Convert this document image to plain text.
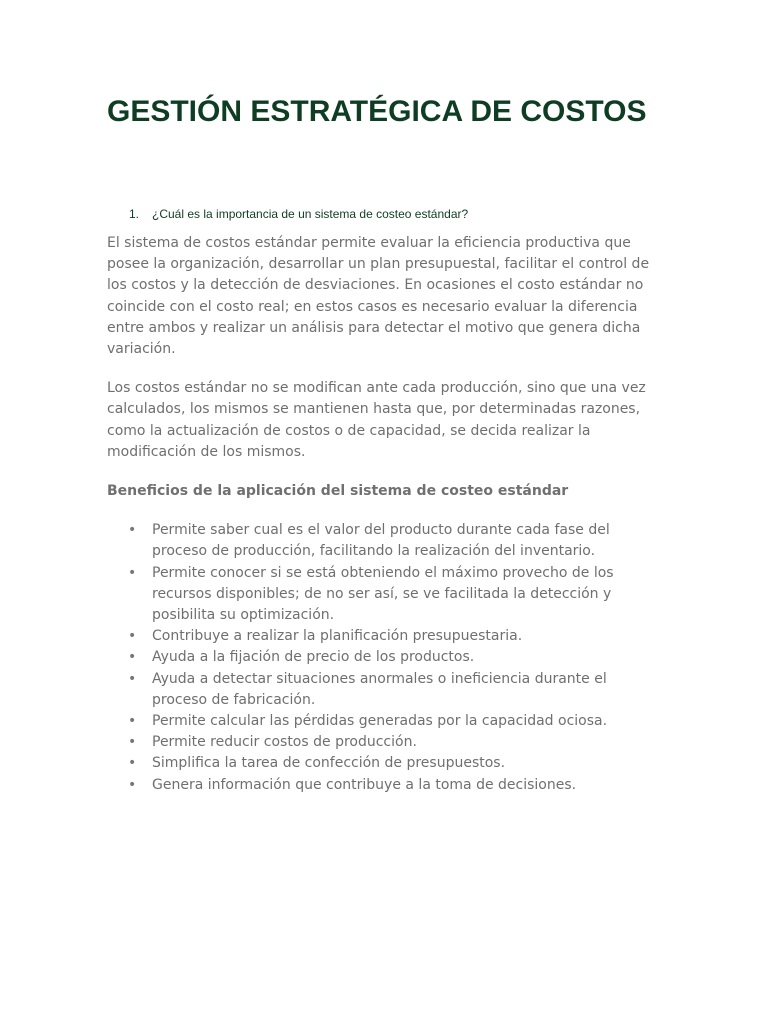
GESTIÓN ESTRATÉGICA DE COSTOS
1. ¿Cuál es la importancia de un sistema de costeo estándar?

El sistema de costos estándar permite evaluar la eficiencia productiva que posee la organización, desarrollar un plan presupuestal, facilitar el control de los costos y la detección de desviaciones. En ocasiones el costo estándar no coincide con el costo real; en estos casos es necesario evaluar la diferencia entre ambos y realizar un análisis para detectar el motivo que genera dicha variación.

Los costos estándar no se modifican ante cada producción, sino que una vez calculados, los mismos se mantienen hasta que, por determinadas razones, como la actualización de costos o de capacidad, se decida realizar la modificación de los mismos.

Beneficios de la aplicación del sistema de costeo estándar

• Permite saber cual es el valor del producto durante cada fase del proceso de producción, facilitando la realización del inventario.
• Permite conocer si se está obteniendo el máximo provecho de los recursos disponibles; de no ser así, se ve facilitada la detección y posibilita su optimización.
• Contribuye a realizar la planificación presupuestaria.
• Ayuda a la fijación de precio de los productos.
• Ayuda a detectar situaciones anormales o ineficiencia durante el proceso de fabricación.
• Permite calcular las pérdidas generadas por la capacidad ociosa.
• Permite reducir costos de producción.
• Simplifica la tarea de confección de presupuestos.
• Genera información que contribuye a la toma de decisiones.
